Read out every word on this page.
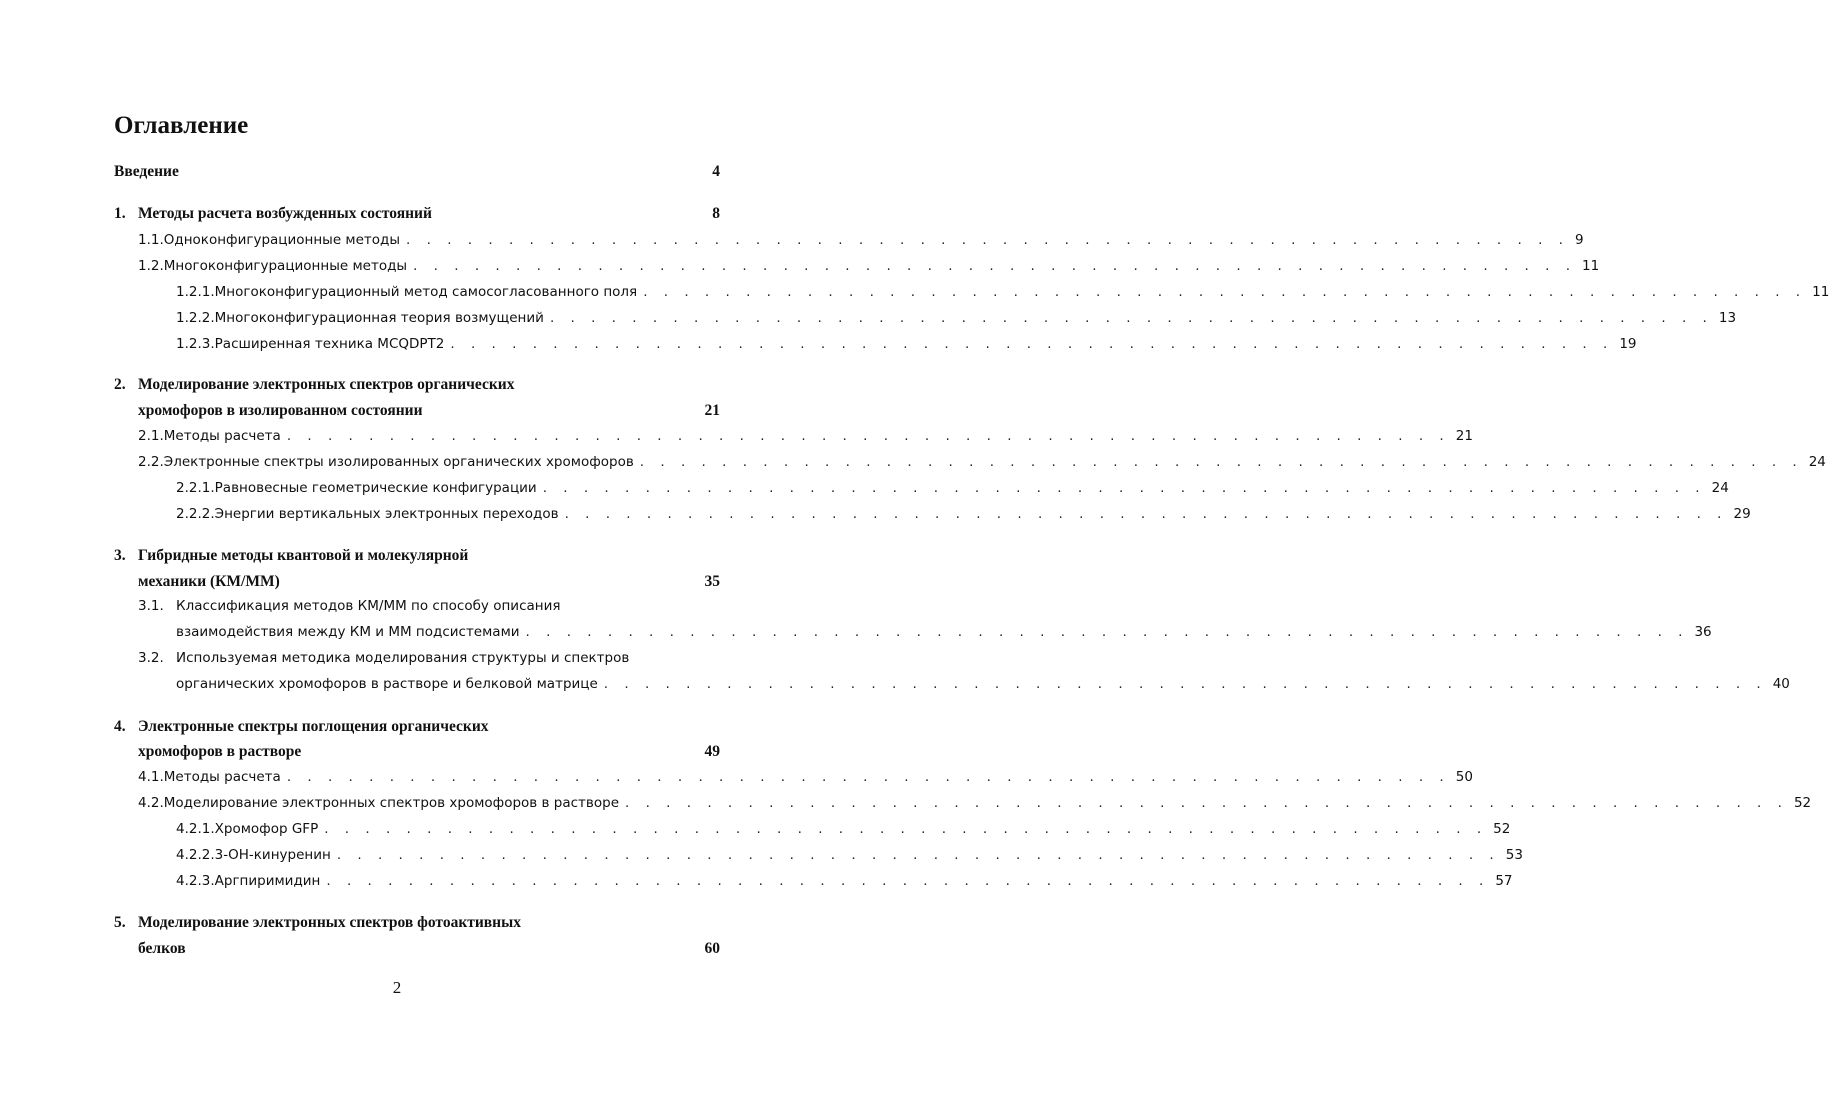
Оглавление
Введение	4
1. Методы расчета возбужденных состояний	8
1.1. Одноконфигурационные методы . . . . . . . . . . . . . . . . . . . . . . . . . . . . . . . . . . . . . . . . . . . . . . . . . . . . . . . . . 9
1.2. Многоконфигурационные методы . . . . . . . . . . . . . . . . . . . . . . . . . . . . . . . . . . . . . . . . . . . . . . . . . . . . . . . . . 11
1.2.1. Многоконфигурационный метод самосогласованного поля . . . . . . . . . . . . . . . . . . . . . . . . . . . . . . . . . . . . . . . . . . . . . . . . . . . . . . . . . 11
1.2.2. Многоконфигурационная теория возмущений . . . . . . . . . . . . . . . . . . . . . . . . . . . . . . . . . . . . . . . . . . . . . . . . . . . . . . . . . 13
1.2.3. Расширенная техника MCQDPT2 . . . . . . . . . . . . . . . . . . . . . . . . . . . . . . . . . . . . . . . . . . . . . . . . . . . . . . . . . 19
2. Моделирование электронных спектров органических
хромофоров в изолированном состоянии	21
2.1. Методы расчета . . . . . . . . . . . . . . . . . . . . . . . . . . . . . . . . . . . . . . . . . . . . . . . . . . . . . . . . . 21
2.2. Электронные спектры изолированных органических хромофоров . . . . . . . . . . . . . . . . . . . . . . . . . . . . . . . . . . . . . . . . . . . . . . . . . . . . . . . . . 24
2.2.1. Равновесные геометрические конфигурации . . . . . . . . . . . . . . . . . . . . . . . . . . . . . . . . . . . . . . . . . . . . . . . . . . . . . . . . . 24
2.2.2. Энергии вертикальных электронных переходов . . . . . . . . . . . . . . . . . . . . . . . . . . . . . . . . . . . . . . . . . . . . . . . . . . . . . . . . . 29
3. Гибридные методы квантовой и молекулярной
механики (КМ/ММ)	35
3.1. Классификация методов КМ/ММ по способу описания
взаимодействия между КМ и ММ подсистемами . . . . . . . . . . . . . . . . . . . . . . . . . . . . . . . . . . . . . . . . . . . . . . . . . . . . . . . . . 36
3.2. Используемая методика моделирования структуры и спектров
органических хромофоров в растворе и белковой матрице . . . . . . . . . . . . . . . . . . . . . . . . . . . . . . . . . . . . . . . . . . . . . . . . . . . . . . . . . 40
4. Электронные спектры поглощения органических
хромофоров в растворе	49
4.1. Методы расчета . . . . . . . . . . . . . . . . . . . . . . . . . . . . . . . . . . . . . . . . . . . . . . . . . . . . . . . . . 50
4.2. Моделирование электронных спектров хромофоров в растворе . . . . . . . . . . . . . . . . . . . . . . . . . . . . . . . . . . . . . . . . . . . . . . . . . . . . . . . . . 52
4.2.1. Хромофор GFP . . . . . . . . . . . . . . . . . . . . . . . . . . . . . . . . . . . . . . . . . . . . . . . . . . . . . . . . . 52
4.2.2. 3-ОН-кинуренин . . . . . . . . . . . . . . . . . . . . . . . . . . . . . . . . . . . . . . . . . . . . . . . . . . . . . . . . . 53
4.2.3. Аргпиримидин . . . . . . . . . . . . . . . . . . . . . . . . . . . . . . . . . . . . . . . . . . . . . . . . . . . . . . . . . 57
5. Моделирование электронных спектров фотоактивных
белков	60
2
